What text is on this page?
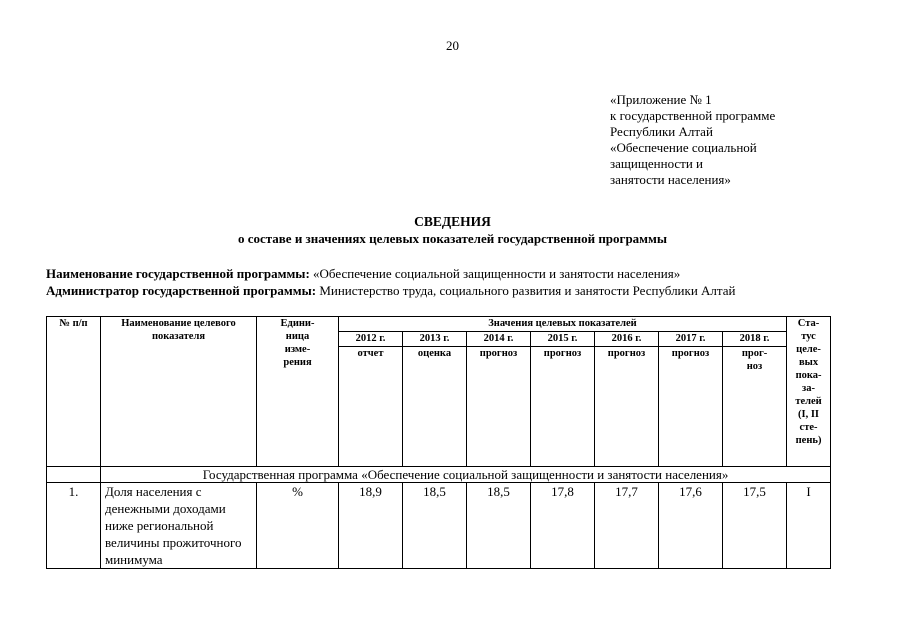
20
«Приложение № 1
к государственной программе
Республики Алтай
«Обеспечение социальной
защищенности и
занятости населения»
СВЕДЕНИЯ
о составе и значениях целевых показателей государственной программы
Наименование государственной программы: «Обеспечение социальной защищенности и занятости населения»
Администратор государственной программы: Министерство труда, социального развития и занятости Республики Алтай
№ п/п	Наименование целевого показателя	Едини- ница изме- рения	Значения целевых показателей							Ста- тус целе- вых пока- за- телей (I, II сте- пень)
			2012 г.	2013 г.	2014 г.	2015 г.	2016 г.	2017 г.	2018 г.	
			отчет	оценка	прогноз	прогноз	прогноз	прогноз	прог- ноз	
	Государственная программа «Обеспечение социальной защищенности и занятости населения»									
1.	Доля населения с денежными доходами ниже региональной величины прожиточного минимума	%	18,9	18,5	18,5	17,8	17,7	17,6	17,5	I
